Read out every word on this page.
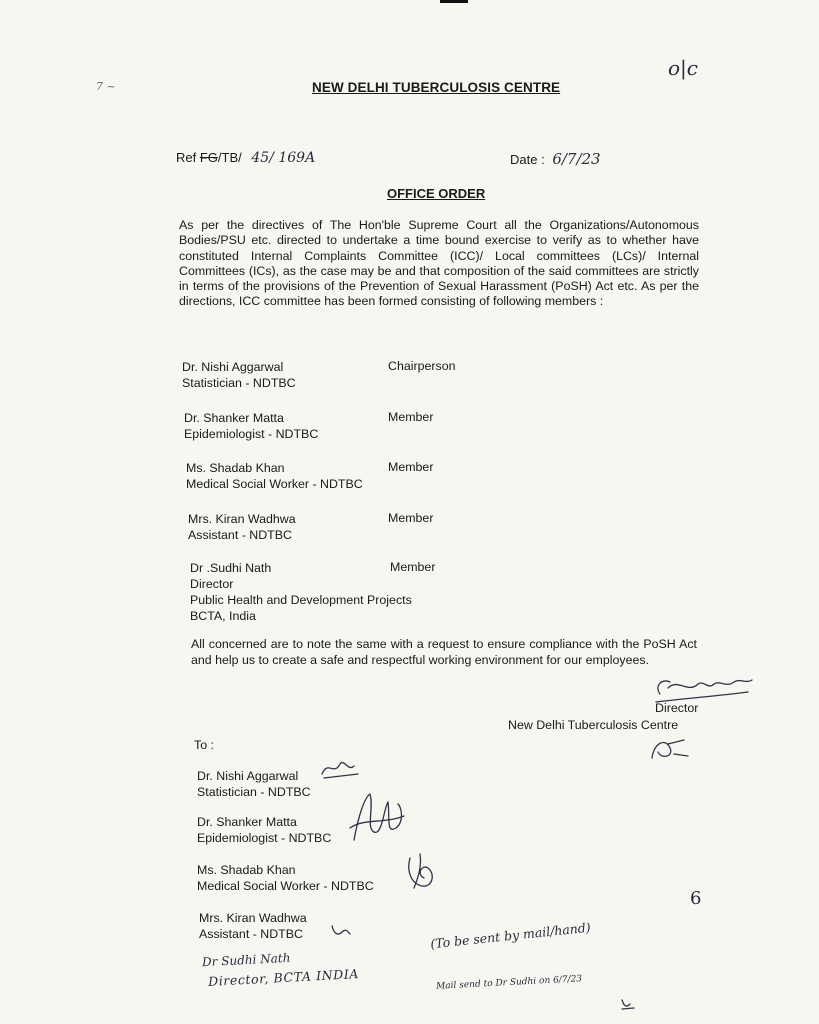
o|c
7 ~	NEW DELHI TUBERCULOSIS CENTRE
Ref FG/TB/ 45/ 169A	Date : 6/7/23
OFFICE ORDER
As per the directives of The Hon'ble Supreme Court all the Organizations/Autonomous Bodies/PSU etc. directed to undertake a time bound exercise to verify as to whether have constituted Internal Complaints Committee (ICC)/ Local committees (LCs)/ Internal Committees (ICs), as the case may be and that composition of the said committees are strictly in terms of the provisions of the Prevention of Sexual Harassment (PoSH) Act etc. As per the directions, ICC committee has been formed consisting of following members :
Dr. Nishi Aggarwal
Statistician - NDTBC
Chairperson
Dr. Shanker Matta
Epidemiologist - NDTBC
Member
Ms. Shadab Khan
Medical Social Worker - NDTBC
Member
Mrs. Kiran Wadhwa
Assistant - NDTBC
Member
Dr .Sudhi Nath
Director
Public Health and Development Projects
BCTA, India
Member
All concerned are to note the same with a request to ensure compliance with the PoSH Act and help us to create a safe and respectful working environment for our employees.
Director
New Delhi Tuberculosis Centre
To :
Dr. Nishi Aggarwal
Statistician - NDTBC
Dr. Shanker Matta
Epidemiologist - NDTBC
Ms. Shadab Khan
Medical Social Worker - NDTBC
Mrs. Kiran Wadhwa
Assistant - NDTBC
6
Dr Sudhi Nath
Director, BCTA INDIA
(To be sent by mail/hand)
Mail send to Dr Sudhi on 6/7/23
